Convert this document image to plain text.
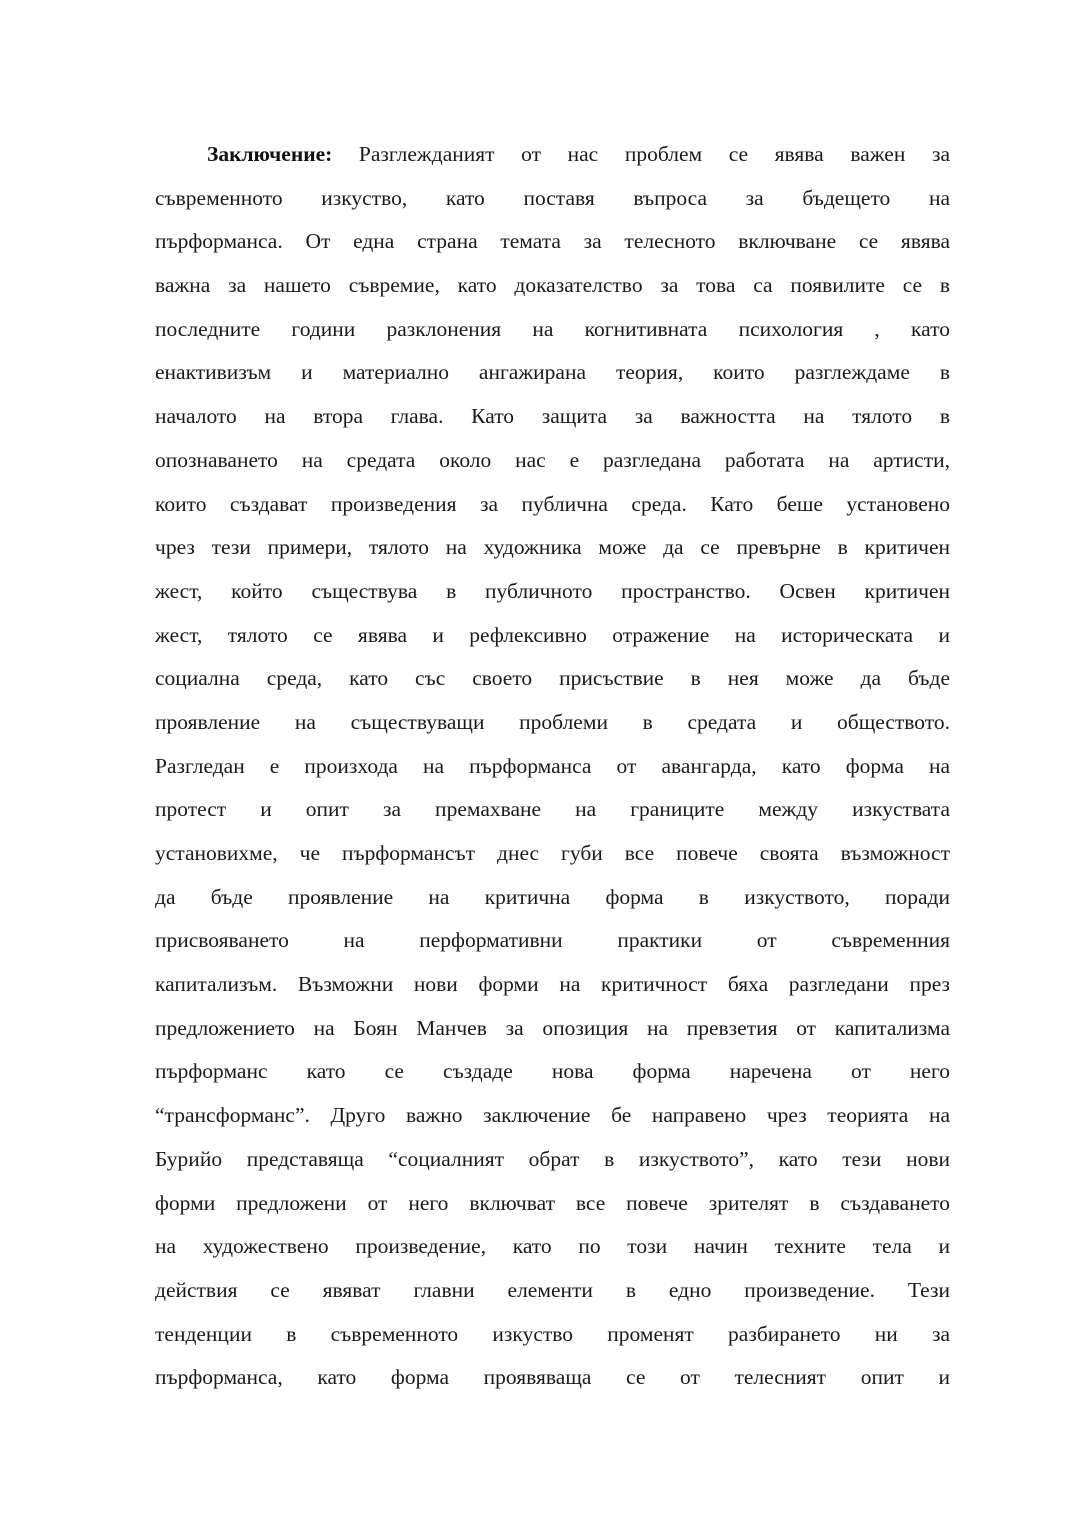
Заключение: Разглежданият от нас проблем се явява важен за
съвременното изкуство, като поставя въпроса за бъдещето на
пърформанса. От една страна темата за телесното включване се явява
важна за нашето съвремие, като доказателство за това са появилите се в
последните години разклонения на когнитивната психология , като
енактивизъм и материално ангажирана теория, които разглеждаме в
началото на втора глава. Като защита за важността на тялото в
опознаването на средата около нас е разгледана работата на артисти,
които създават произведения за публична среда. Като беше установено
чрез тези примери, тялото на художника може да се превърне в критичен
жест, който съществува в публичното пространство. Освен критичен
жест, тялото се явява и рефлексивно отражение на историческата и
социална среда, като със своето присъствие в нея може да бъде
проявление на съществуващи проблеми в средата и обществото.
Разгледан е произхода на пърформанса от авангарда, като форма на
протест и опит за премахване на границите между изкуствата
установихме, че пърформансът днес губи все повече своята възможност
да бъде проявление на критична форма в изкуството, поради
присвояването на перформативни практики от съвременния
капитализъм. Възможни нови форми на критичност бяха разгледани през
предложението на Боян Манчев за опозиция на превзетия от капитализма
пърформанс като се създаде нова форма наречена от него
“трансформанс”. Друго важно заключение бе направено чрез теорията на
Бурийо представяща “социалният обрат в изкуството”, като тези нови
форми предложени от него включват все повече зрителят в създаването
на художествено произведение, като по този начин техните тела и
действия се явяват главни елементи в едно произведение. Тези
тенденции в съвременното изкуство променят разбирането ни за
пърформанса, като форма проявяваща се от телесният опит и
